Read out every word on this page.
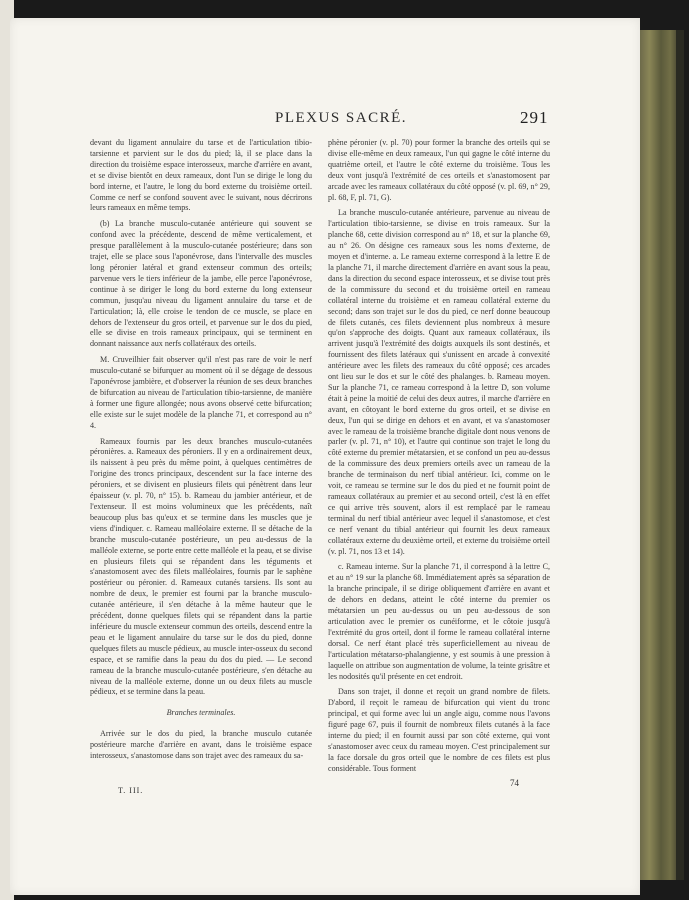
PLEXUS SACRÉ.	291

devant du ligament annulaire du tarse et de l'articulation tibio-tarsienne et parvient sur le dos du pied; là, il se place dans la direction du troisième espace interosseux, marche d'arrière en avant, et se divise bientôt en deux rameaux, dont l'un se dirige le long du bord interne, et l'autre, le long du bord externe du troisième orteil. Comme ce nerf se confond souvent avec le suivant, nous décrirons leurs rameaux en même temps.

(b) La branche musculo-cutanée antérieure qui souvent se confond avec la précédente, descend de même verticalement, et presque parallèlement à la musculo-cutanée postérieure; dans son trajet, elle se place sous l'aponévrose, dans l'intervalle des muscles long péronier latéral et grand extenseur commun des orteils; parvenue vers le tiers inférieur de la jambe, elle perce l'aponévrose, continue à se diriger le long du bord externe du long extenseur commun, jusqu'au niveau du ligament annulaire du tarse et de l'articulation; là, elle croise le tendon de ce muscle, se place en dehors de l'extenseur du gros orteil, et parvenue sur le dos du pied, elle se divise en trois rameaux principaux, qui se terminent en donnant naissance aux nerfs collatéraux des orteils.

M. Cruveilhier fait observer qu'il n'est pas rare de voir le nerf musculo-cutané se bifurquer au moment où il se dégage de dessous l'aponévrose jambière, et d'observer la réunion de ses deux branches de bifurcation au niveau de l'articulation tibio-tarsienne, de manière à former une figure allongée; nous avons observé cette bifurcation; elle existe sur le sujet modèle de la planche 71, et correspond au n° 4.

Rameaux fournis par les deux branches musculo-cutanées péronières. a. Rameaux des péroniers. Il y en a ordinairement deux, ils naissent à peu près du même point, à quelques centimètres de l'origine des troncs principaux, descendent sur la face interne des péroniers, et se divisent en plusieurs filets qui pénètrent dans leur épaisseur (v. pl. 70, n° 15). b. Rameau du jambier antérieur, et de l'extenseur. Il est moins volumineux que les précédents, naît beaucoup plus bas qu'eux et se termine dans les muscles que je viens d'indiquer. c. Rameau malléolaire externe. Il se détache de la branche musculo-cutanée postérieure, un peu au-dessus de la malléole externe, se porte entre cette malléole et la peau, et se divise en plusieurs filets qui se répandent dans les téguments et s'anastomosent avec des filets malléolaires, fournis par le saphène postérieur ou péronier. d. Rameaux cutanés tarsiens. Ils sont au nombre de deux, le premier est fourni par la branche musculo-cutanée antérieure, il s'en détache à la même hauteur que le précédent, donne quelques filets qui se répandent dans la partie inférieure du muscle extenseur commun des orteils, descend entre la peau et le ligament annulaire du tarse sur le dos du pied, donne quelques filets au muscle pédieux, au muscle inter-osseux du second espace, et se ramifie dans la peau du dos du pied. — Le second rameau de la branche musculo-cutanée postérieure, s'en détache au niveau de la malléole externe, donne un ou deux filets au muscle pédieux, et se termine dans la peau.

Branches terminales.

Arrivée sur le dos du pied, la branche musculo cutanée postérieure marche d'arrière en avant, dans le troisième espace interosseux, s'anastomose dans son trajet avec des rameaux du sa-

phène péronier (v. pl. 70) pour former la branche des orteils qui se divise elle-même en deux rameaux, l'un qui gagne le côté interne du quatrième orteil, et l'autre le côté externe du troisième. Tous les deux vont jusqu'à l'extrémité de ces orteils et s'anastomosent par arcade avec les rameaux collatéraux du côté opposé (v. pl. 69, n° 29, pl. 68, F, pl. 71, G).

La branche musculo-cutanée antérieure, parvenue au niveau de l'articulation tibio-tarsienne, se divise en trois rameaux. Sur la planche 68, cette division correspond au n° 18, et sur la planche 69, au n° 26. On désigne ces rameaux sous les noms d'externe, de moyen et d'interne. a. Le rameau externe correspond à la lettre E de la planche 71, il marche directement d'arrière en avant sous la peau, dans la direction du second espace interosseux, et se divise tout près de la commissure du second et du troisième orteil en rameau collatéral interne du troisième et en rameau collatéral externe du second; dans son trajet sur le dos du pied, ce nerf donne beaucoup de filets cutanés, ces filets deviennent plus nombreux à mesure qu'on s'approche des doigts. Quant aux rameaux collatéraux, ils arrivent jusqu'à l'extrémité des doigts auxquels ils sont destinés, et fournissent des filets latéraux qui s'unissent en arcade à convexité antérieure avec les filets des rameaux du côté opposé; ces arcades ont lieu sur le dos et sur le côté des phalanges. b. Rameau moyen. Sur la planche 71, ce rameau correspond à la lettre D, son volume était à peine la moitié de celui des deux autres, il marche d'arrière en avant, en côtoyant le bord externe du gros orteil, et se divise en deux, l'un qui se dirige en dehors et en avant, et va s'anastomoser avec le rameau de la troisième branche digitale dont nous venons de parler (v. pl. 71, n° 10), et l'autre qui continue son trajet le long du côté externe du premier métatarsien, et se confond un peu au-dessus de la commissure des deux premiers orteils avec un rameau de la branche de terminaison du nerf tibial antérieur. Ici, comme on le voit, ce rameau se termine sur le dos du pied et ne fournit point de rameaux collatéraux au premier et au second orteil, c'est là en effet ce qui arrive très souvent, alors il est remplacé par le rameau terminal du nerf tibial antérieur avec lequel il s'anastomose, et c'est ce nerf venant du tibial antérieur qui fournit les deux rameaux collatéraux externe du deuxième orteil, et externe du troisième orteil (v. pl. 71, nos 13 et 14).

c. Rameau interne. Sur la planche 71, il correspond à la lettre C, et au n° 19 sur la planche 68. Immédiatement après sa séparation de la branche principale, il se dirige obliquement d'arrière en avant et de dehors en dedans, atteint le côté interne du premier os métatarsien un peu au-dessus ou un peu au-dessous de son articulation avec le premier os cunéiforme, et le côtoie jusqu'à l'extrémité du gros orteil, dont il forme le rameau collatéral interne dorsal. Ce nerf étant placé très superficiellement au niveau de l'articulation métatarso-phalangienne, y est soumis à une pression à laquelle on attribue son augmentation de volume, la teinte grisâtre et les nodosités qu'il présente en cet endroit.

Dans son trajet, il donne et reçoit un grand nombre de filets. D'abord, il reçoit le rameau de bifurcation qui vient du tronc principal, et qui forme avec lui un angle aigu, comme nous l'avons figuré page 67, puis il fournit de nombreux filets cutanés à la face interne du pied; il en fournit aussi par son côté externe, qui vont s'anastomoser avec ceux du rameau moyen. C'est principalement sur la face dorsale du gros orteil que le nombre de ces filets est plus considérable. Tous forment

T. III.
74
